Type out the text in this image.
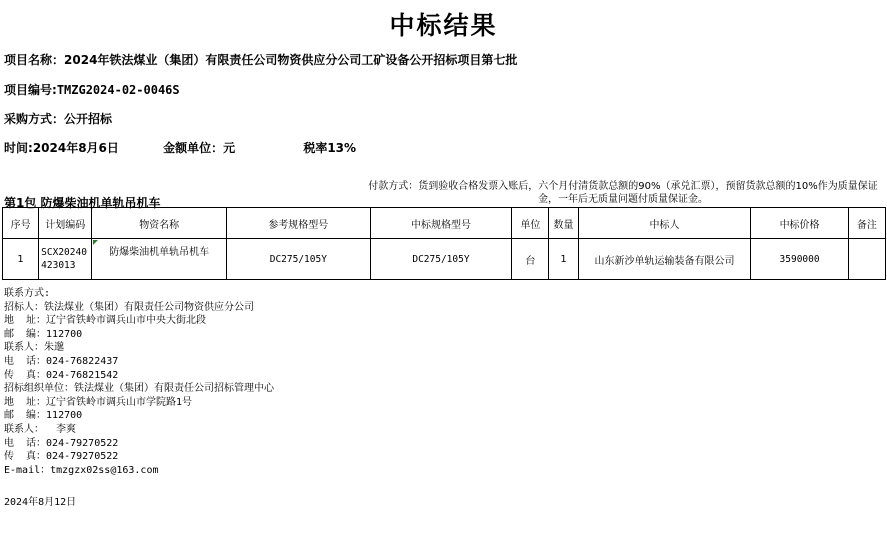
中标结果
项目名称：2024年铁法煤业（集团）有限责任公司物资供应分公司工矿设备公开招标项目第七批
项目编号:TMZG2024-02-0046S
采购方式：公开招标
时间:2024年8月6日	金额单位：元	税率13%
付款方式：货到验收合格发票入账后，六个月付清货款总额的90%（承兑汇票），预留货款总额的10%作为质量保证金，一年后无质量问题付质量保证金。
第1包 防爆柴油机单轨吊机车
序号	计划编码	物资名称	参考规格型号	中标规格型号	单位	数量	中标人	中标价格	备注
1	SCX20240423013	防爆柴油机单轨吊机车	DC275/105Y	DC275/105Y	台	1	山东新沙单轨运输装备有限公司	3590000	
联系方式:
招标人：铁法煤业（集团）有限责任公司物资供应分公司
地  址：辽宁省铁岭市调兵山市中央大街北段
邮  编：112700
联系人：朱邈
电  话：024-76822437
传  真：024-76821542
招标组织单位：铁法煤业（集团）有限责任公司招标管理中心
地  址：辽宁省铁岭市调兵山市学院路1号
邮  编：112700
联系人：  李爽
电  话：024-79270522
传  真：024-79270522
E-mail：tmzgzx02ss@163.com
2024年8月12日
